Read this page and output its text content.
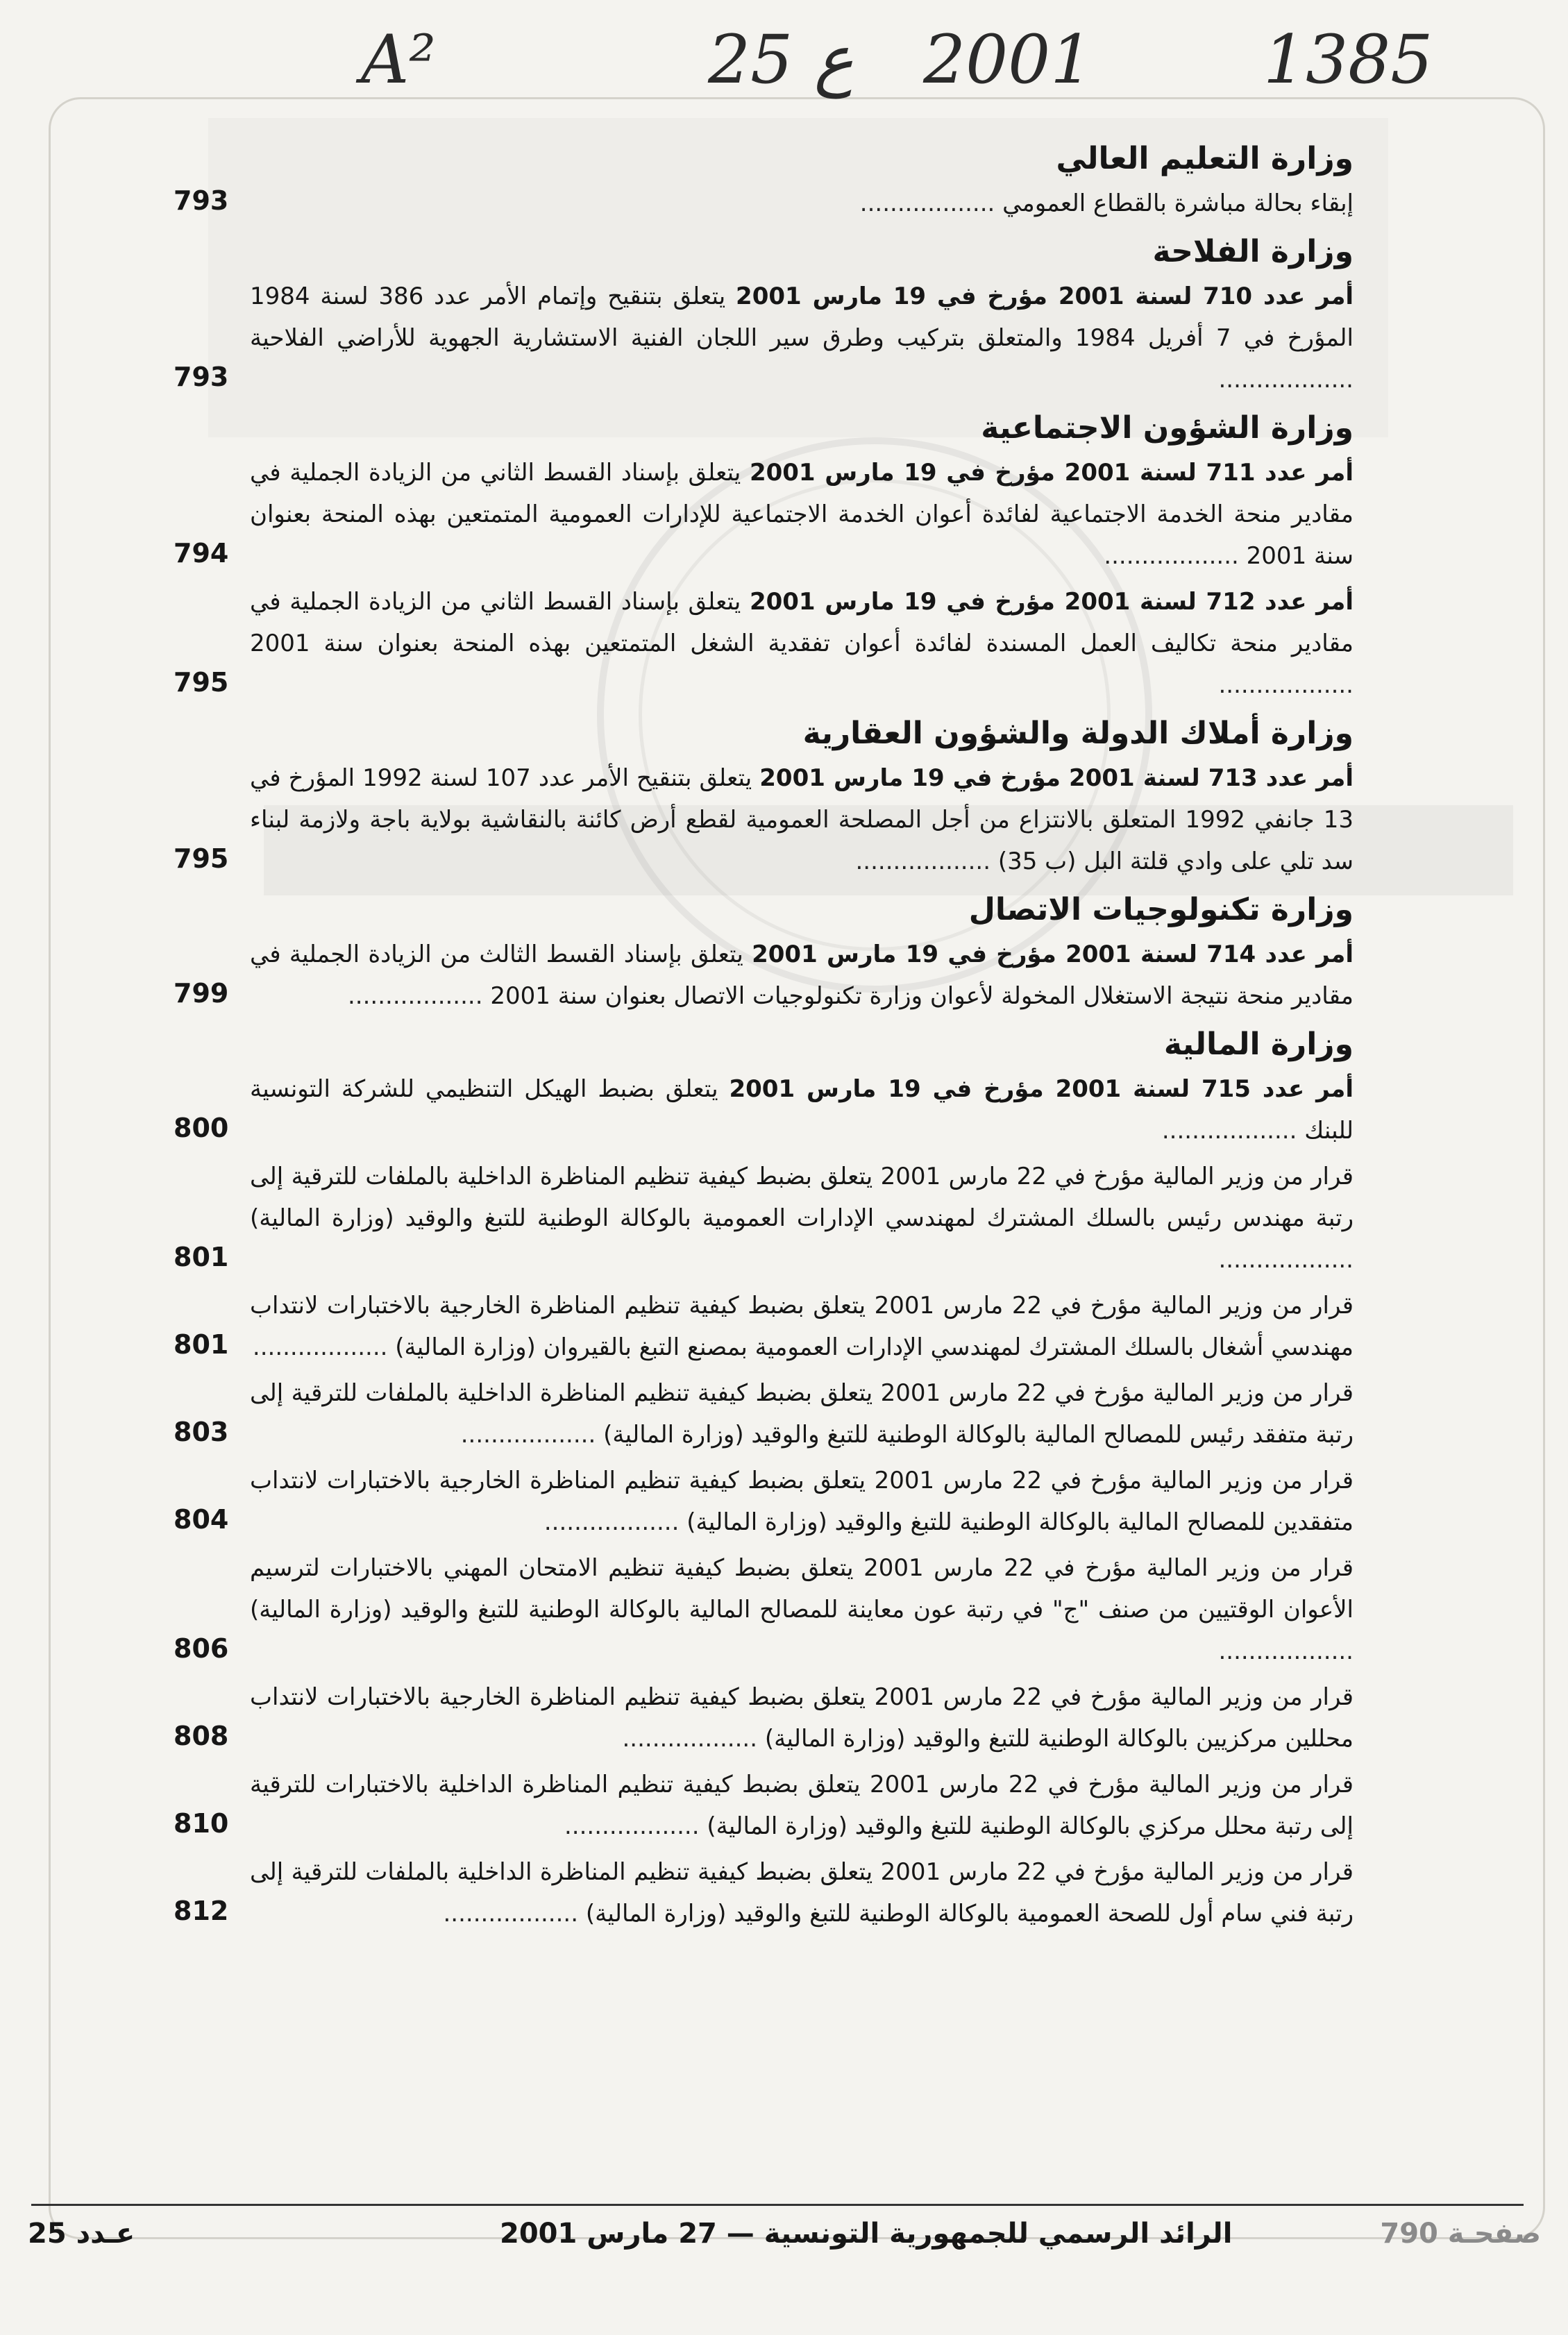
A²	25 ع 2001	1385
وزارة التعليم العالي
إبقاء بحالة مباشرة بالقطاع العمومي ..................
793
وزارة الفلاحة
أمر عدد 710 لسنة 2001 مؤرخ في 19 مارس 2001 يتعلق بتنقيح وإتمام الأمر عدد 386 لسنة 1984 المؤرخ في 7 أفريل 1984 والمتعلق بتركيب وطرق سير اللجان الفنية الاستشارية الجهوية للأراضي الفلاحية ..................
793
وزارة الشؤون الاجتماعية
أمر عدد 711 لسنة 2001 مؤرخ في 19 مارس 2001 يتعلق بإسناد القسط الثاني من الزيادة الجملية في مقادير منحة الخدمة الاجتماعية لفائدة أعوان الخدمة الاجتماعية للإدارات العمومية المتمتعين بهذه المنحة بعنوان سنة 2001 ..................
794
أمر عدد 712 لسنة 2001 مؤرخ في 19 مارس 2001 يتعلق بإسناد القسط الثاني من الزيادة الجملية في مقادير منحة تكاليف العمل المسندة لفائدة أعوان تفقدية الشغل المتمتعين بهذه المنحة بعنوان سنة 2001 ..................
795
وزارة أملاك الدولة والشؤون العقارية
أمر عدد 713 لسنة 2001 مؤرخ في 19 مارس 2001 يتعلق بتنقيح الأمر عدد 107 لسنة 1992 المؤرخ في 13 جانفي 1992 المتعلق بالانتزاع من أجل المصلحة العمومية لقطع أرض كائنة بالنقاشية بولاية باجة ولازمة لبناء سد تلي على وادي قلتة البل (ب 35) ..................
795
وزارة تكنولوجيات الاتصال
أمر عدد 714 لسنة 2001 مؤرخ في 19 مارس 2001 يتعلق بإسناد القسط الثالث من الزيادة الجملية في مقادير منحة نتيجة الاستغلال المخولة لأعوان وزارة تكنولوجيات الاتصال بعنوان سنة 2001 ..................
799
وزارة المالية
أمر عدد 715 لسنة 2001 مؤرخ في 19 مارس 2001 يتعلق بضبط الهيكل التنظيمي للشركة التونسية للبنك ..................
800
قرار من وزير المالية مؤرخ في 22 مارس 2001 يتعلق بضبط كيفية تنظيم المناظرة الداخلية بالملفات للترقية إلى رتبة مهندس رئيس بالسلك المشترك لمهندسي الإدارات العمومية بالوكالة الوطنية للتبغ والوقيد (وزارة المالية) ..................
801
قرار من وزير المالية مؤرخ في 22 مارس 2001 يتعلق بضبط كيفية تنظيم المناظرة الخارجية بالاختبارات لانتداب مهندسي أشغال بالسلك المشترك لمهندسي الإدارات العمومية بمصنع التبغ بالقيروان (وزارة المالية) ..................
801
قرار من وزير المالية مؤرخ في 22 مارس 2001 يتعلق بضبط كيفية تنظيم المناظرة الداخلية بالملفات للترقية إلى رتبة متفقد رئيس للمصالح المالية بالوكالة الوطنية للتبغ والوقيد (وزارة المالية) ..................
803
قرار من وزير المالية مؤرخ في 22 مارس 2001 يتعلق بضبط كيفية تنظيم المناظرة الخارجية بالاختبارات لانتداب متفقدين للمصالح المالية بالوكالة الوطنية للتبغ والوقيد (وزارة المالية) ..................
804
قرار من وزير المالية مؤرخ في 22 مارس 2001 يتعلق بضبط كيفية تنظيم الامتحان المهني بالاختبارات لترسيم الأعوان الوقتيين من صنف "ج" في رتبة عون معاينة للمصالح المالية بالوكالة الوطنية للتبغ والوقيد (وزارة المالية) ..................
806
قرار من وزير المالية مؤرخ في 22 مارس 2001 يتعلق بضبط كيفية تنظيم المناظرة الخارجية بالاختبارات لانتداب محللين مركزيين بالوكالة الوطنية للتبغ والوقيد (وزارة المالية) ..................
808
قرار من وزير المالية مؤرخ في 22 مارس 2001 يتعلق بضبط كيفية تنظيم المناظرة الداخلية بالاختبارات للترقية إلى رتبة محلل مركزي بالوكالة الوطنية للتبغ والوقيد (وزارة المالية) ..................
810
قرار من وزير المالية مؤرخ في 22 مارس 2001 يتعلق بضبط كيفية تنظيم المناظرة الداخلية بالملفات للترقية إلى رتبة فني سام أول للصحة العمومية بالوكالة الوطنية للتبغ والوقيد (وزارة المالية) ..................
812
عـدد 25	الرائد الرسمي للجمهورية التونسية — 27 مارس 2001	صفحـة 790
